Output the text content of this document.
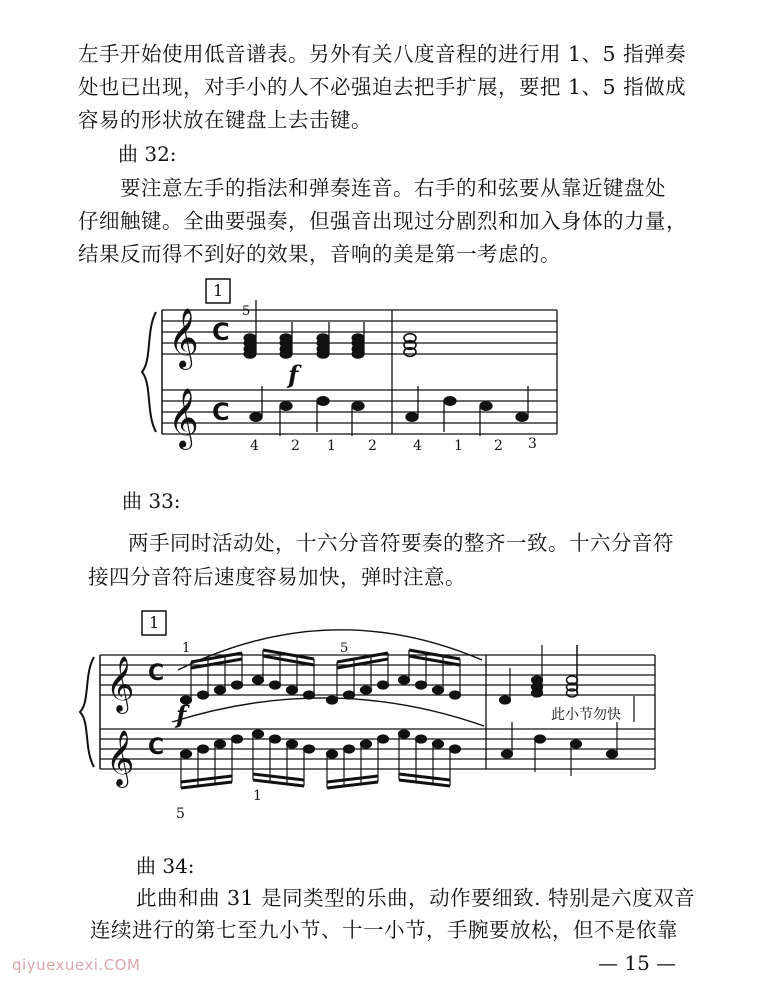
左手开始使用低音谱表。另外有关八度音程的进行用 1、5 指弹奏
处也已出现，对手小的人不必强迫去把手扩展，要把 1、5 指做成
容易的形状放在键盘上去击键。
曲 32:
要注意左手的指法和弹奏连音。右手的和弦要从靠近键盘处
仔细触键。全曲要强奏，但强音出现过分剧烈和加入身体的力量，
结果反而得不到好的效果，音响的美是第一考虑的。
𝄞
𝄞
1
C
C
f
5
4 2 1 2	4 1 2 3
曲 33:
两手同时活动处，十六分音符要奏的整齐一致。十六分音符
接四分音符后速度容易加快，弹时注意。
𝄞
𝄞
1
C
C
f
1	5
5
1
此小节勿快
曲 34:
此曲和曲 31 是同类型的乐曲，动作要细致. 特别是六度双音
连续进行的第七至九小节、十一小节，手腕要放松，但不是依靠
— 15 —
qiyuexuexi.COM
